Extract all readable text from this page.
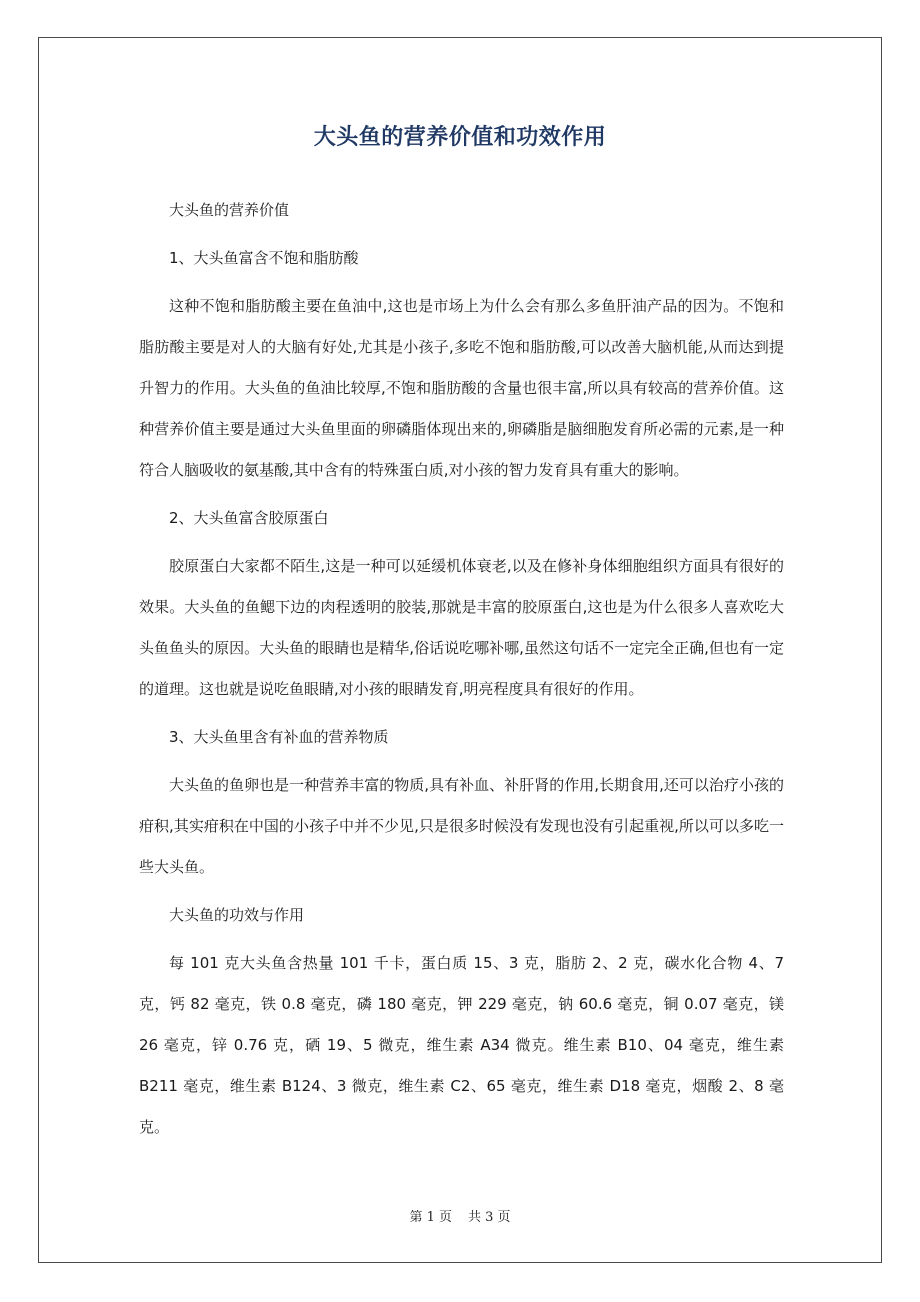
大头鱼的营养价值和功效作用

大头鱼的营养价值

1、大头鱼富含不饱和脂肪酸

这种不饱和脂肪酸主要在鱼油中,这也是市场上为什么会有那么多鱼肝油产品的因为。不饱和脂肪酸主要是对人的大脑有好处,尤其是小孩子,多吃不饱和脂肪酸,可以改善大脑机能,从而达到提升智力的作用。大头鱼的鱼油比较厚,不饱和脂肪酸的含量也很丰富,所以具有较高的营养价值。这种营养价值主要是通过大头鱼里面的卵磷脂体现出来的,卵磷脂是脑细胞发育所必需的元素,是一种符合人脑吸收的氨基酸,其中含有的特殊蛋白质,对小孩的智力发育具有重大的影响。

2、大头鱼富含胶原蛋白

胶原蛋白大家都不陌生,这是一种可以延缓机体衰老,以及在修补身体细胞组织方面具有很好的效果。大头鱼的鱼鳃下边的肉程透明的胶装,那就是丰富的胶原蛋白,这也是为什么很多人喜欢吃大头鱼鱼头的原因。大头鱼的眼睛也是精华,俗话说吃哪补哪,虽然这句话不一定完全正确,但也有一定的道理。这也就是说吃鱼眼睛,对小孩的眼睛发育,明亮程度具有很好的作用。

3、大头鱼里含有补血的营养物质

大头鱼的鱼卵也是一种营养丰富的物质,具有补血、补肝肾的作用,长期食用,还可以治疗小孩的疳积,其实疳积在中国的小孩子中并不少见,只是很多时候没有发现也没有引起重视,所以可以多吃一些大头鱼。

大头鱼的功效与作用

每 101 克大头鱼含热量 101 千卡，蛋白质 15、3 克，脂肪 2、2 克，碳水化合物 4、7 克，钙 82 毫克，铁 0.8 毫克，磷 180 毫克，钾 229 毫克，钠 60.6 毫克，铜 0.07 毫克，镁 26 毫克，锌 0.76 克，硒 19、5 微克，维生素 A34 微克。维生素 B10、04 毫克，维生素 B211 毫克，维生素 B124、3 微克，维生素 C2、65 毫克，维生素 D18 毫克，烟酸 2、8 毫克。

第 1 页 共 3 页
